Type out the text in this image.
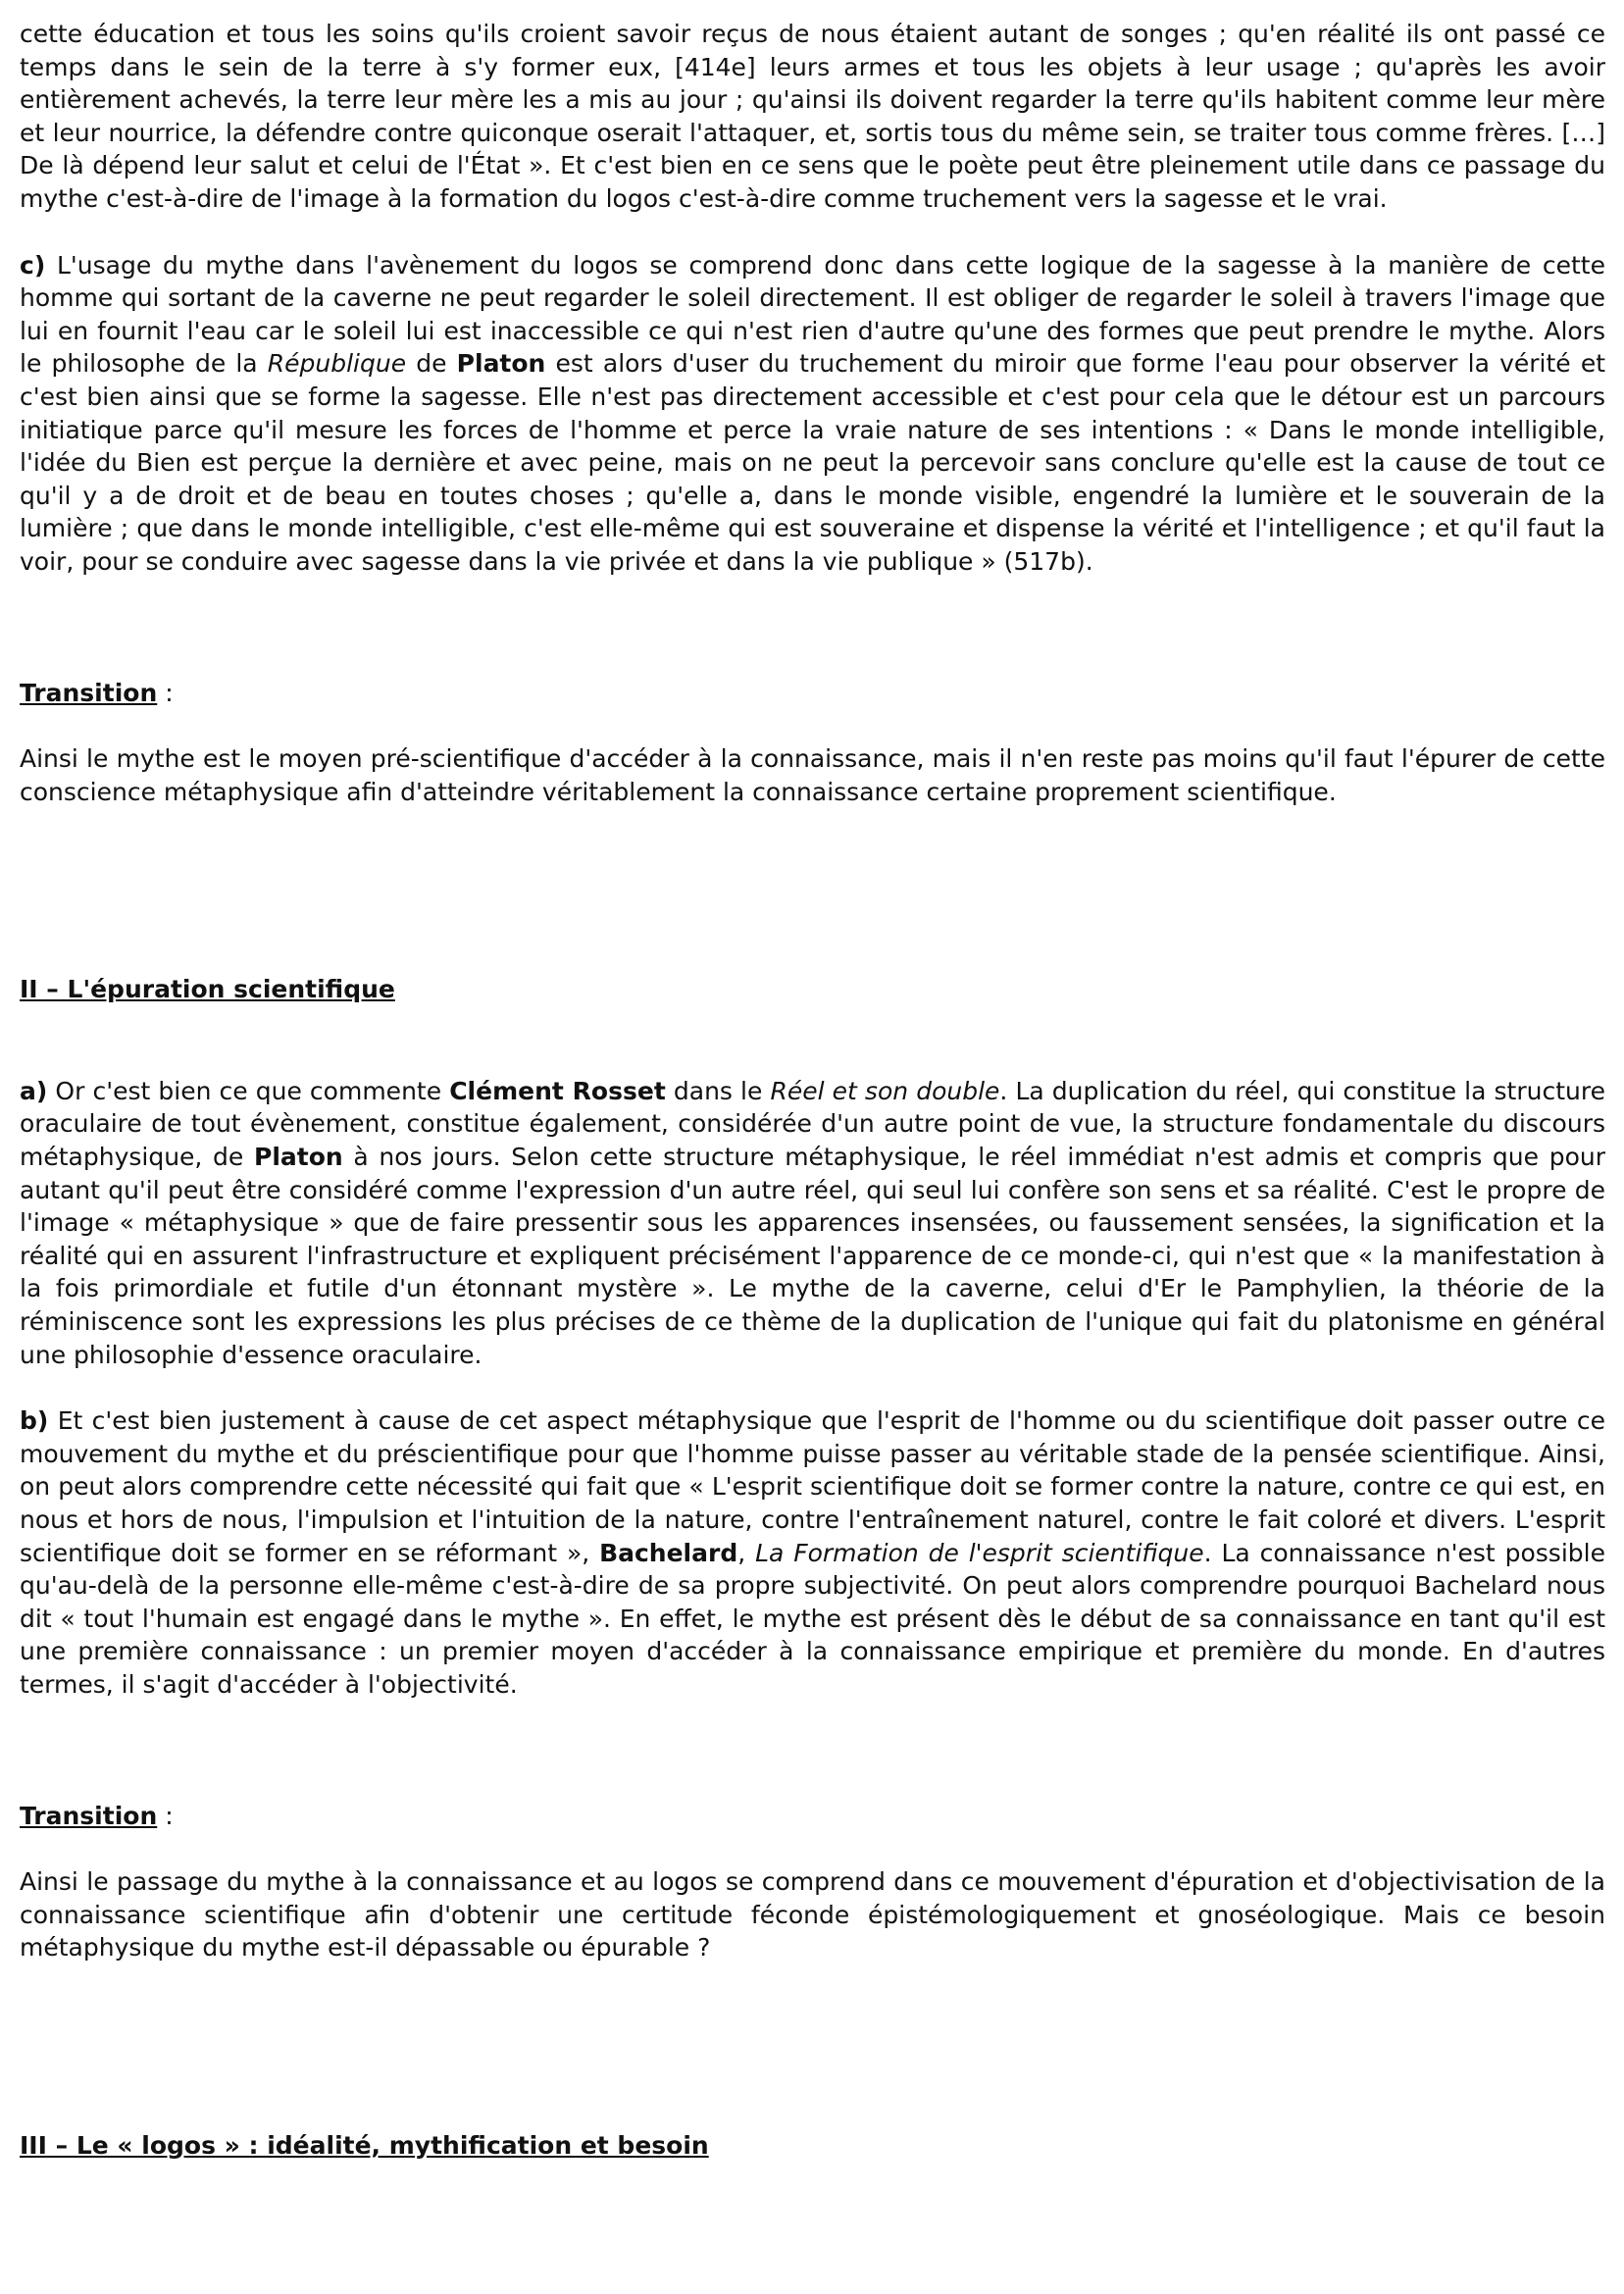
cette éducation et tous les soins qu'ils croient savoir reçus de nous étaient autant de songes ; qu'en réalité ils ont passé ce temps dans le sein de la terre à s'y former eux, [414e] leurs armes et tous les objets à leur usage ; qu'après les avoir entièrement achevés, la terre leur mère les a mis au jour ; qu'ainsi ils doivent regarder la terre qu'ils habitent comme leur mère et leur nourrice, la défendre contre quiconque oserait l'attaquer, et, sortis tous du même sein, se traiter tous comme frères. […] De là dépend leur salut et celui de l'État ». Et c'est bien en ce sens que le poète peut être pleinement utile dans ce passage du mythe c'est-à-dire de l'image à la formation du logos c'est-à-dire comme truchement vers la sagesse et le vrai.

c) L'usage du mythe dans l'avènement du logos se comprend donc dans cette logique de la sagesse à la manière de cette homme qui sortant de la caverne ne peut regarder le soleil directement. Il est obliger de regarder le soleil à travers l'image que lui en fournit l'eau car le soleil lui est inaccessible ce qui n'est rien d'autre qu'une des formes que peut prendre le mythe. Alors le philosophe de la République de Platon est alors d'user du truchement du miroir que forme l'eau pour observer la vérité et c'est bien ainsi que se forme la sagesse. Elle n'est pas directement accessible et c'est pour cela que le détour est un parcours initiatique parce qu'il mesure les forces de l'homme et perce la vraie nature de ses intentions : « Dans le monde intelligible, l'idée du Bien est perçue la dernière et avec peine, mais on ne peut la percevoir sans conclure qu'elle est la cause de tout ce qu'il y a de droit et de beau en toutes choses ; qu'elle a, dans le monde visible, engendré la lumière et le souverain de la lumière ; que dans le monde intelligible, c'est elle-même qui est souveraine et dispense la vérité et l'intelligence ; et qu'il faut la voir, pour se conduire avec sagesse dans la vie privée et dans la vie publique » (517b).

Transition :

Ainsi le mythe est le moyen pré-scientifique d'accéder à la connaissance, mais il n'en reste pas moins qu'il faut l'épurer de cette conscience métaphysique afin d'atteindre véritablement la connaissance certaine proprement scientifique.

II – L'épuration scientifique

a) Or c'est bien ce que commente Clément Rosset dans le Réel et son double. La duplication du réel, qui constitue la structure oraculaire de tout évènement, constitue également, considérée d'un autre point de vue, la structure fondamentale du discours métaphysique, de Platon à nos jours. Selon cette structure métaphysique, le réel immédiat n'est admis et compris que pour autant qu'il peut être considéré comme l'expression d'un autre réel, qui seul lui confère son sens et sa réalité. C'est le propre de l'image « métaphysique » que de faire pressentir sous les apparences insensées, ou faussement sensées, la signification et la réalité qui en assurent l'infrastructure et expliquent précisément l'apparence de ce monde-ci, qui n'est que « la manifestation à la fois primordiale et futile d'un étonnant mystère ». Le mythe de la caverne, celui d'Er le Pamphylien, la théorie de la réminiscence sont les expressions les plus précises de ce thème de la duplication de l'unique qui fait du platonisme en général une philosophie d'essence oraculaire.

b) Et c'est bien justement à cause de cet aspect métaphysique que l'esprit de l'homme ou du scientifique doit passer outre ce mouvement du mythe et du préscientifique pour que l'homme puisse passer au véritable stade de la pensée scientifique. Ainsi, on peut alors comprendre cette nécessité qui fait que « L'esprit scientifique doit se former contre la nature, contre ce qui est, en nous et hors de nous, l'impulsion et l'intuition de la nature, contre l'entraînement naturel, contre le fait coloré et divers. L'esprit scientifique doit se former en se réformant », Bachelard, La Formation de l'esprit scientifique. La connaissance n'est possible qu'au-delà de la personne elle-même c'est-à-dire de sa propre subjectivité. On peut alors comprendre pourquoi Bachelard nous dit « tout l'humain est engagé dans le mythe ». En effet, le mythe est présent dès le début de sa connaissance en tant qu'il est une première connaissance : un premier moyen d'accéder à la connaissance empirique et première du monde. En d'autres termes, il s'agit d'accéder à l'objectivité.

Transition :

Ainsi le passage du mythe à la connaissance et au logos se comprend dans ce mouvement d'épuration et d'objectivisation de la connaissance scientifique afin d'obtenir une certitude féconde épistémologiquement et gnoséologique. Mais ce besoin métaphysique du mythe est-il dépassable ou épurable ?

III – Le « logos » : idéalité, mythification et besoin
